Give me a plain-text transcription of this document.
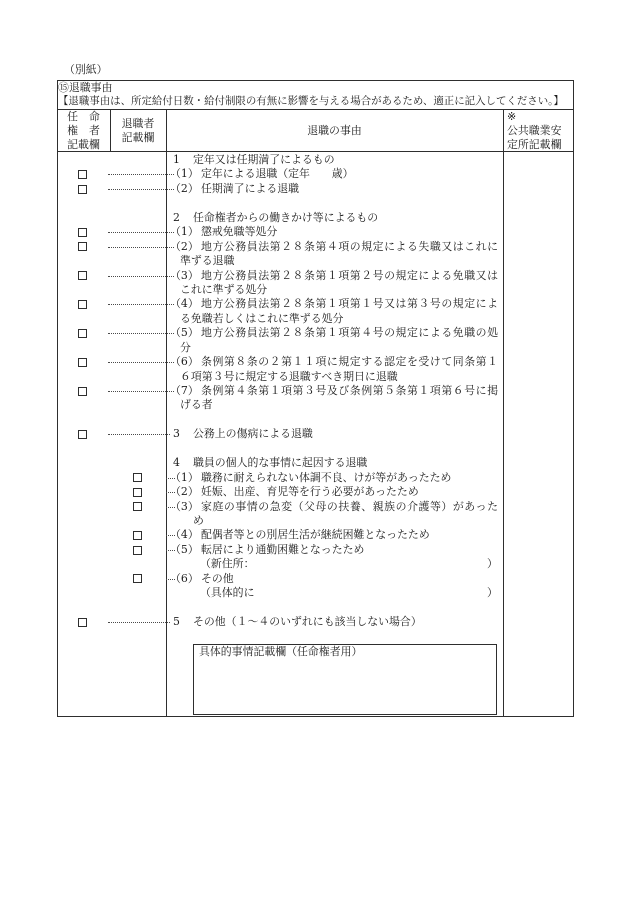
（別紙）
⑮退職事由
【退職事由は、所定給付日数・給付制限の有無に影響を与える場合があるため、適正に記入してください。】
任　命
権　者
記載欄
退職者
記載欄
退職の事由
※
公共職業安
定所記載欄
1 定年又は任期満了によるもの
（1） 定年による退職（定年　　歳）
（2） 任期満了による退職
2 任命権者からの働きかけ等によるもの
（1） 懲戒免職等処分
（2） 地方公務員法第２８条第４項の規定による失職又はこれに
準ずる退職
（3） 地方公務員法第２８条第１項第２号の規定による免職又は
これに準ずる処分
（4） 地方公務員法第２８条第１項第１号又は第３号の規定によ
る免職若しくはこれに準ずる処分
（5） 地方公務員法第２８条第１項第４号の規定による免職の処
分
（6） 条例第８条の２第１１項に規定する認定を受けて同条第１
６項第３号に規定する退職すべき期日に退職
（7） 条例第４条第１項第３号及び条例第５条第１項第６号に掲
げる者
3 公務上の傷病による退職
4 職員の個人的な事情に起因する退職
（1） 職務に耐えられない体調不良、けが等があったため
（2） 妊娠、出産、育児等を行う必要があったため
（3） 家庭の事情の急変（父母の扶養、親族の介護等）があった
め
（4） 配偶者等との別居生活が継続困難となったため
（5） 転居により通勤困難となったため
（新住所：	）
（6） その他
（具体的に	）
5 その他（１～４のいずれにも該当しない場合）
具体的事情記載欄（任命権者用）
